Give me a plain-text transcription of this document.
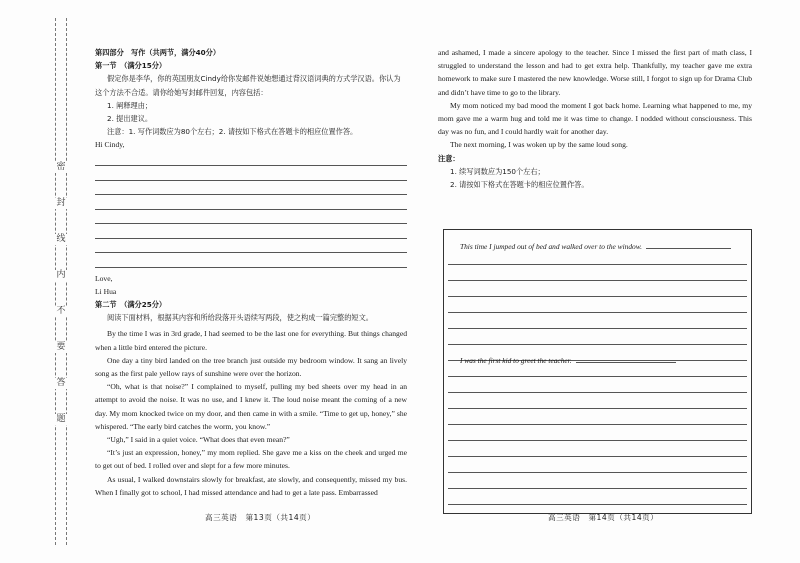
密
封
线
内
不
要
答
题

第四部分　写作（共两节，满分40分）

第一节　（满分15分）

假定你是李华，你的英国朋友Cindy给你发邮件说她想通过背汉语词典的方式学汉语。你认为这个方法不合适。请你给她写封邮件回复，内容包括：

1. 阐释理由；

2. 提出建议。

注意：1. 写作词数应为80个左右；2. 请按如下格式在答题卡的相应位置作答。

Hi Cindy,

Love,

Li Hua

第二节　（满分25分）

阅读下面材料，根据其内容和所给段落开头语续写两段，使之构成一篇完整的短文。

By the time I was in 3rd grade, I had seemed to be the last one for everything. But things changed when a little bird entered the picture.

One day a tiny bird landed on the tree branch just outside my bedroom window. It sang an lively song as the first pale yellow rays of sunshine were over the horizon.

“Oh, what is that noise?” I complained to myself, pulling my bed sheets over my head in an attempt to avoid the noise. It was no use, and I knew it. The loud noise meant the coming of a new day. My mom knocked twice on my door, and then came in with a smile. “Time to get up, honey,” she whispered. “The early bird catches the worm, you know.”

“Ugh,” I said in a quiet voice. “What does that even mean?”

“It’s just an expression, honey,” my mom replied. She gave me a kiss on the cheek and urged me to get out of bed. I rolled over and slept for a few more minutes.

As usual, I walked downstairs slowly for breakfast, ate slowly, and consequently, missed my bus. When I finally got to school, I had missed attendance and had to get a late pass. Embarrassed

高三英语　第13页（共14页）

and ashamed, I made a sincere apology to the teacher. Since I missed the first part of math class, I struggled to understand the lesson and had to get extra help. Thankfully, my teacher gave me extra homework to make sure I mastered the new knowledge. Worse still, I forgot to sign up for Drama Club and didn’t have time to go to the library.

My mom noticed my bad mood the moment I got back home. Learning what happened to me, my mom gave me a warm hug and told me it was time to change. I nodded without consciousness. This day was no fun, and I could hardly wait for another day.

The next morning, I was woken up by the same loud song.

注意：

1. 续写词数应为150个左右；

2. 请按如下格式在答题卡的相应位置作答。

This time I jumped out of bed and walked over to the window.
I was the first kid to greet the teacher.
高三英语　第14页（共14页）
